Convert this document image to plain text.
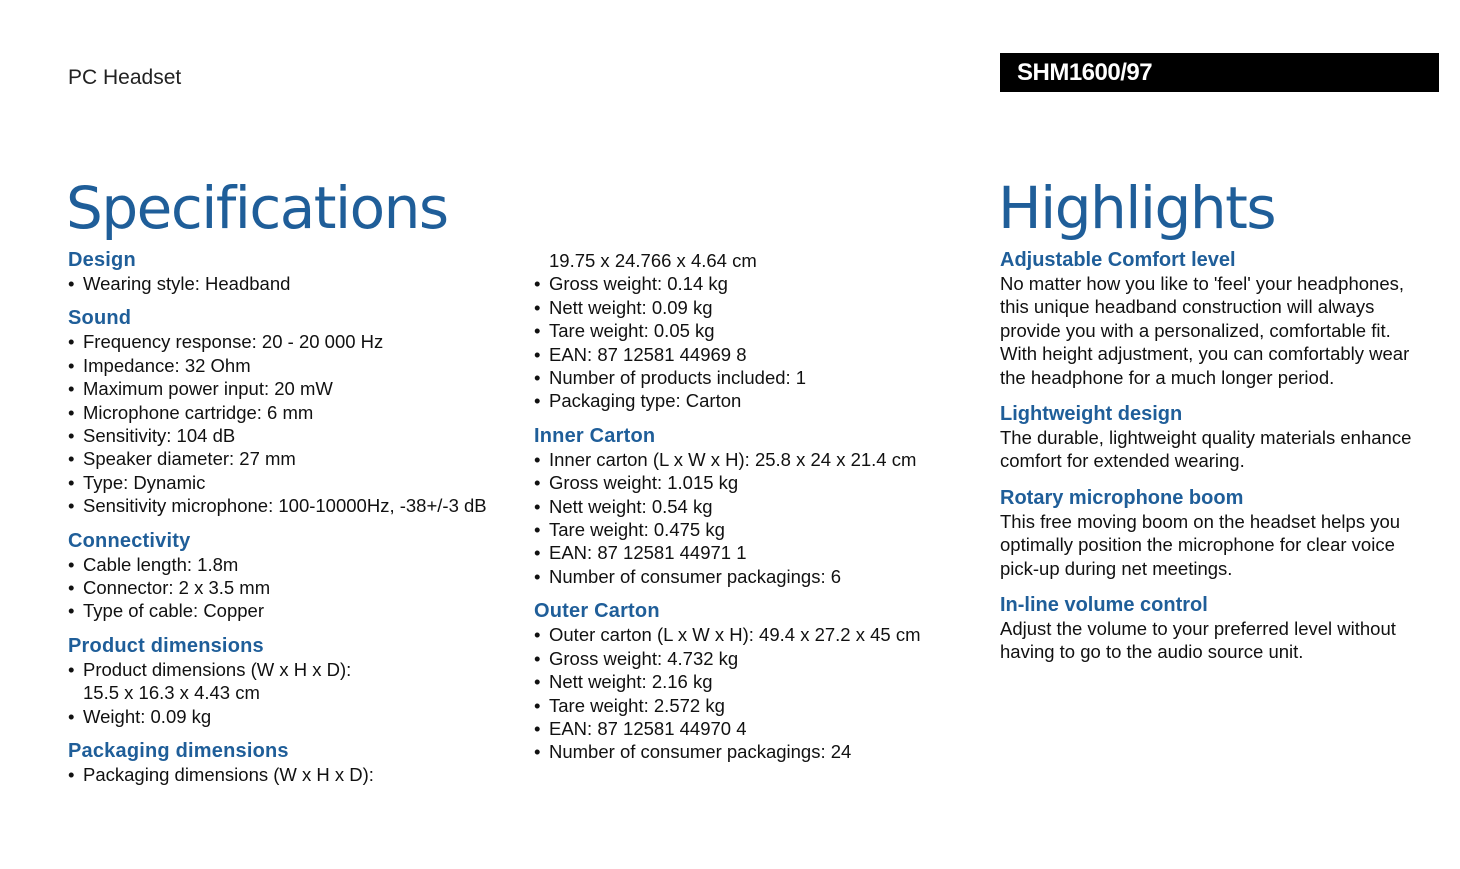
PC Headset	SHM1600/97
Specifications	Highlights
Design
• Wearing style: Headband
Sound
• Frequency response: 20 - 20 000 Hz
• Impedance: 32 Ohm
• Maximum power input: 20 mW
• Microphone cartridge: 6 mm
• Sensitivity: 104 dB
• Speaker diameter: 27 mm
• Type: Dynamic
• Sensitivity microphone: 100-10000Hz, -38+/-3 dB
Connectivity
• Cable length: 1.8m
• Connector: 2 x 3.5 mm
• Type of cable: Copper
Product dimensions
• Product dimensions (W x H x D):
15.5 x 16.3 x 4.43 cm
• Weight: 0.09 kg
Packaging dimensions
• Packaging dimensions (W x H x D):
19.75 x 24.766 x 4.64 cm
• Gross weight: 0.14 kg
• Nett weight: 0.09 kg
• Tare weight: 0.05 kg
• EAN: 87 12581 44969 8
• Number of products included: 1
• Packaging type: Carton
Inner Carton
• Inner carton (L x W x H): 25.8 x 24 x 21.4 cm
• Gross weight: 1.015 kg
• Nett weight: 0.54 kg
• Tare weight: 0.475 kg
• EAN: 87 12581 44971 1
• Number of consumer packagings: 6
Outer Carton
• Outer carton (L x W x H): 49.4 x 27.2 x 45 cm
• Gross weight: 4.732 kg
• Nett weight: 2.16 kg
• Tare weight: 2.572 kg
• EAN: 87 12581 44970 4
• Number of consumer packagings: 24
Adjustable Comfort level

No matter how you like to 'feel' your headphones,
this unique headband construction will always
provide you with a personalized, comfortable fit.
With height adjustment, you can comfortably wear
the headphone for a much longer period.

Lightweight design

The durable, lightweight quality materials enhance
comfort for extended wearing.

Rotary microphone boom

This free moving boom on the headset helps you
optimally position the microphone for clear voice
pick-up during net meetings.

In-line volume control

Adjust the volume to your preferred level without
having to go to the audio source unit.
